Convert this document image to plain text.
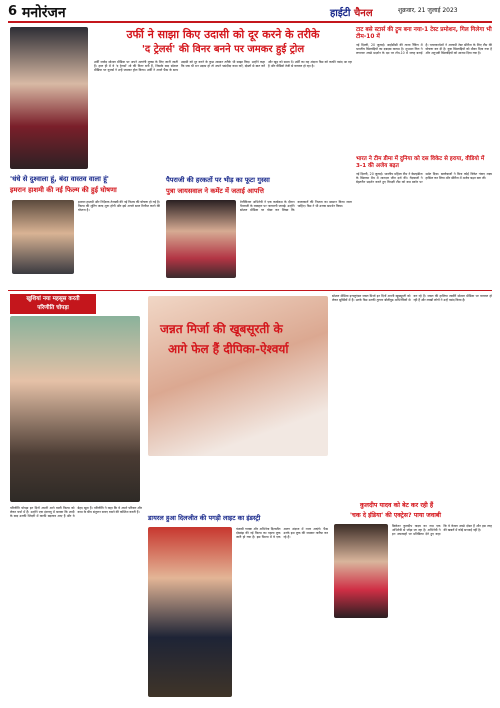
6 मनोरंजन	हाईटी चैनल	शुक्रवार, 21 जुलाई 2023
उर्फी ने साझा किए उदासी को दूर करने के तरीके
'द ट्रेलर्स' की विनर बनने पर जमकर हुई ट्रोल
उर्फी जावेद सोशल मीडिया पर अपने अतरंगी लुक्स के लिए जानी जाती हैं। हाल ही में वे 'द ट्रेलर्स' शो की विनर बनी हैं, जिसके बाद सोशल मीडिया पर यूजर्स ने उन्हें जमकर ट्रोल किया। उर्फी ने अपने फैंस के साथ उदासी को दूर करने के कुछ आसान तरीके भी साझा किए। उन्होंने कहा कि जब भी मन उदास हो तो अपने पसंदीदा काम करें, दोस्तों से बात करें और खुद को समय दें। उर्फी का यह अंदाज फैंस को काफी पसंद आ रहा है और वीडियो तेजी से वायरल हो रहा है।
टाट बसे स्टार्स की ट्रूम बना नया-1 टेस्ट प्रमोशन, गिल गिलेगा भी टीम-10 में
नई दिल्ली, 20 जुलाई। आईसीसी की ताजा रैंकिंग में भारतीय खिलाड़ियों का दबदबा कायम है। शुभमन गिल ने लगातार अच्छे प्रदर्शन के दम पर टॉप-10 में जगह बनाई है। चयनकर्ताओं ने आगामी टेस्ट सीरीज के लिए टीम की घोषणा कर दी है। युवा खिलाड़ियों को मौका दिया गया है और अनुभवी खिलाड़ियों को आराम दिया गया है।
भारत ने टीम डीमा में दुनिया को दस विकेट से हराया, वीडियो में 3-1 की अजेय बढ़त
नई दिल्ली, 20 जुलाई। भारतीय महिला टीम ने वेस्टइंडीज के खिलाफ मैच में शानदार जीत दर्ज की। गेंदबाजों ने बेहतरीन प्रदर्शन करते हुए विपक्षी टीम को कम स्कोर पर समेट दिया। बल्लेबाजों ने बिना कोई विकेट गंवाए लक्ष्य हासिल कर लिया और सीरीज में अजेय बढ़त बना ली।
'धंधे से दुश्वाला हूं, बंदा वास्तव वाला हूं'
इमरान हाशमी की नई फिल्म की हुई घोषणा
इमरान हाशमी और निर्देशक तेजस्वी की नई फिल्म की घोषणा हो गई है। फिल्म की शूटिंग जल्द शुरू होगी और इसे अगले साल रिलीज करने की योजना है।
पैपराजी की हरकतों पर भीड़ का फूटा गुस्सा
पुत्रा जायसवाल ने कमेंट में जताई आपत्ति
टेलीविजन अभिनेत्री ने एक कार्यक्रम के दौरान पैपराजी के व्यवहार पर नाराजगी जताई। उन्होंने सोशल मीडिया पर पोस्ट कर लिखा कि कलाकारों की निजता का सम्मान किया जाना चाहिए। फैंस ने भी उनका समर्थन किया।
खुशियां नया महसूस करती
परिणीति चोपड़ा
परिणीति चोपड़ा इन दिनों अपनी आने वाली फिल्म को लेकर चर्चा में हैं। उन्होंने एक इंटरव्यू में बताया कि शादी के बाद उनकी जिंदगी में काफी बदलाव आए हैं और वे बेहद खुश हैं। परिणीति ने कहा कि वे अपने परिवार और काम के बीच संतुलन बनाए रखने की कोशिश करती हैं।
जन्नत मिर्जा की खूबसूरती के
आगे फेल हैं दीपिका-ऐश्वर्या
सोशल मीडिया इन्फ्लुएंसर जन्नत मिर्जा इन दिनों अपनी खूबसूरती को लेकर सुर्खियों में हैं। उनके फैंस उनकी तुलना बॉलीवुड अभिनेत्रियों से कर रहे हैं। जन्नत की हालिया तस्वीरें सोशल मीडिया पर वायरल हो रही हैं और लाखों लोगों ने उन्हें पसंद किया है।
डायरल हुआ दिलजीत की पगड़ी लाइट का इंडस्ट्री
पंजाबी गायक और अभिनेता दिलजीत दोसांझ की नई फिल्म का पहला लुक जारी हो गया है। इस फिल्म में वे एक अलग अंदाज में नजर आएंगे। फैंस उनके इस लुक की जमकर तारीफ कर रहे हैं।
कुलदीप यादव को बेट कर रही हैं
'चक दे इंडिया' की एक्ट्रेस? पाया जवाबी
क्रिकेटर कुलदीप यादव का नाम एक अभिनेत्री से जोड़ा जा रहा है। अभिनेत्री ने इन अफवाहों पर प्रतिक्रिया देते हुए कहा कि वे केवल अच्छे दोस्त हैं और इस तरह की खबरों में कोई सच्चाई नहीं है।
